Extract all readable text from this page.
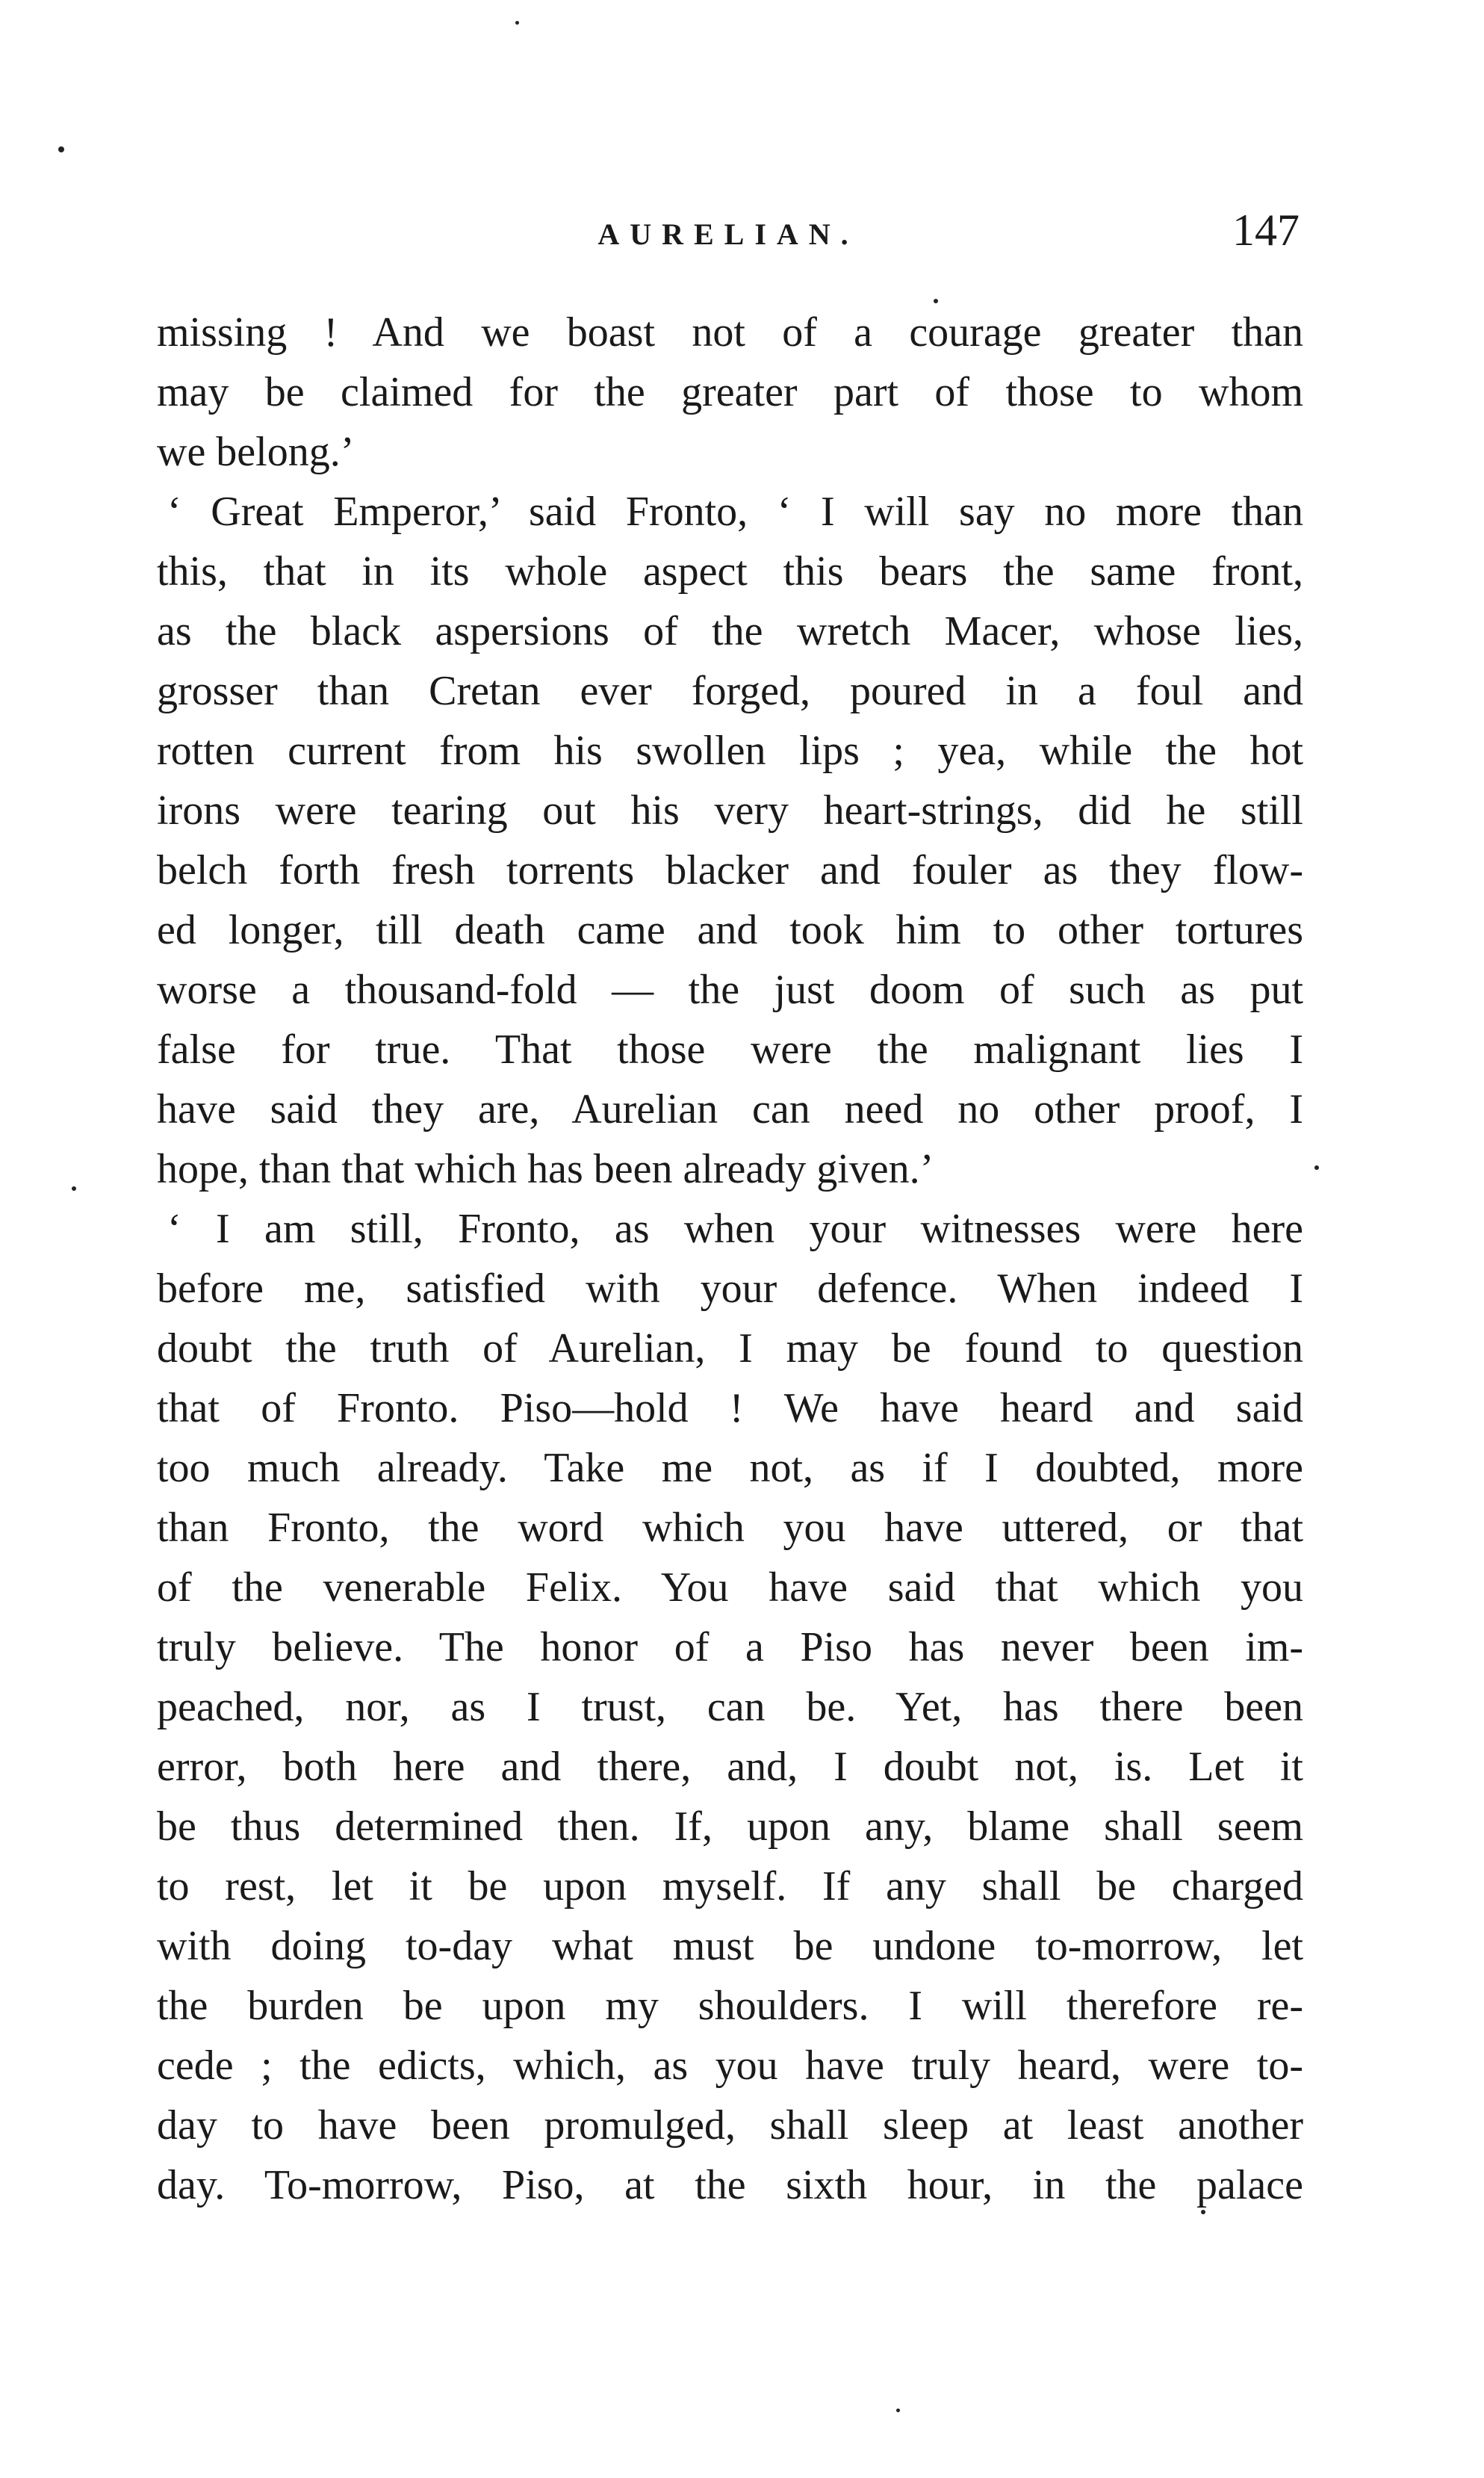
AURELIAN.	147
missing ! And we boast not of a courage greater than
may be claimed for the greater part of those to whom
we belong.’
‘ Great Emperor,’ said Fronto, ‘ I will say no more than
this, that in its whole aspect this bears the same front,
as the black aspersions of the wretch Macer, whose lies,
grosser than Cretan ever forged, poured in a foul and
rotten current from his swollen lips ; yea, while the hot
irons were tearing out his very heart-strings, did he still
belch forth fresh torrents blacker and fouler as they flow-
ed longer, till death came and took him to other tortures
worse a thousand-fold — the just doom of such as put
false for true. That those were the malignant lies I
have said they are, Aurelian can need no other proof, I
hope, than that which has been already given.’
‘ I am still, Fronto, as when your witnesses were here
before me, satisfied with your defence. When indeed I
doubt the truth of Aurelian, I may be found to question
that of Fronto. Piso—hold ! We have heard and said
too much already. Take me not, as if I doubted, more
than Fronto, the word which you have uttered, or that
of the venerable Felix. You have said that which you
truly believe. The honor of a Piso has never been im-
peached, nor, as I trust, can be. Yet, has there been
error, both here and there, and, I doubt not, is. Let it
be thus determined then. If, upon any, blame shall seem
to rest, let it be upon myself. If any shall be charged
with doing to-day what must be undone to-morrow, let
the burden be upon my shoulders. I will therefore re-
cede ; the edicts, which, as you have truly heard, were to-
day to have been promulged, shall sleep at least another
day. To-morrow, Piso, at the sixth hour, in the palace
